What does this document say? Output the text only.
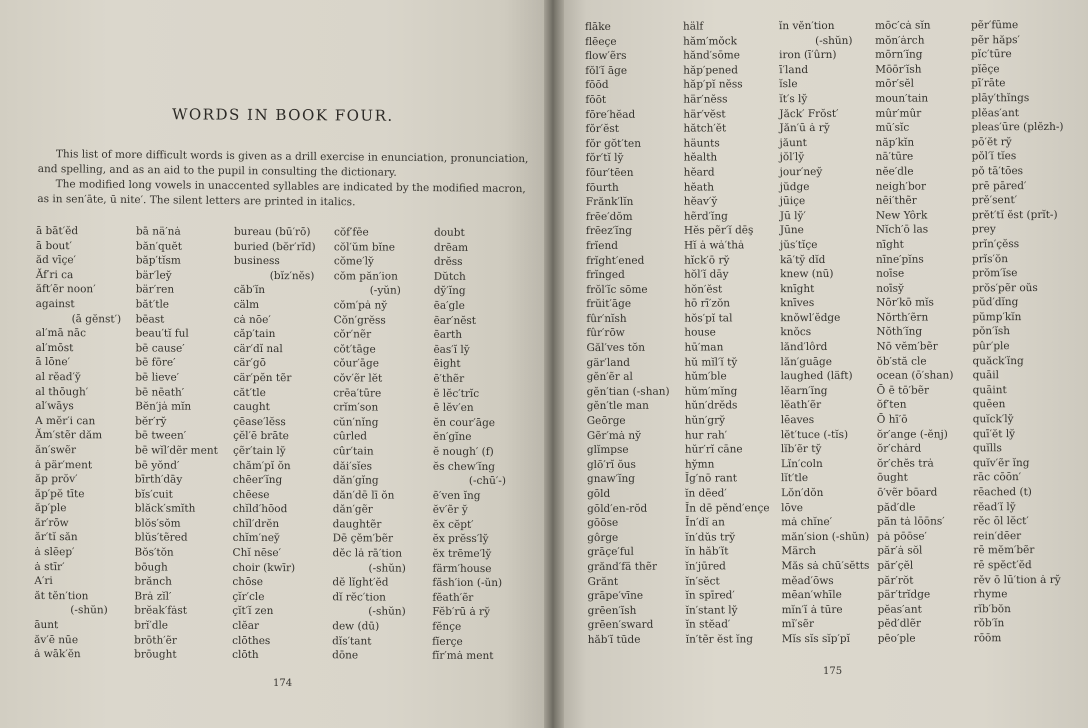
WORDS IN BOOK FOUR.

This list of more difficult words is given as a drill exercise in enunciation, pronunciation, and spelling, and as an aid to the pupil in consulting the dictionary.

The modified long vowels in unaccented syllables are indicated by the modified macron, as in sen′āte, ū nite′. The silent letters are printed in italics.

ā bāt′ĕd
ā bout′
ăd vīçe′
Ăf′ri ca
ăft′ẽr noon′
against
(ā gĕnst′)
al′mā nāc
al′mōst
ā lōne′
al rĕad′y̆
al thōugh′
al′wāys
A mĕr′i can
Ăm′stẽr dăm
ăn′swẽr
ȧ pär′ment
ăp prŏv′
ăp′pĕ tīte
ăp′ple
ăr′rōw
ăr′tĭ săn
ȧ slēep′
ȧ stīr′
A′ri
ăt tĕn′tion
(-shŭn)
āunt
ăv′ē nūe
ȧ wāk′ĕn
bā nä′nȧ
băn′quĕt
băp′tĭsm
bär′ley̆
bär′ren
băt′tle
bēast
beau′tĭ ful
bē cause′
bē fōre′
bē lieve′
bē nēath′
Bĕn′jȧ mĭn
bĕr′ry̆
bē tween′
bē wĭl′dẽr ment
bē yŏnd′
bīrth′dāy
bĭs′cuit
blăck′smĭth
blŏs′sŏm
blŭs′tẽred
Bŏs′tŏn
bōugh
brănch
Brȧ zĭl′
brĕak′fȧst
brĭ′dle
brōth′ẽr
brōught
bureau (bū′rō)
buried (bĕr′rĭd)
business
(bĭz′nĕs)
căb′ĭn
cälm
cȧ nōe′
căp′tain
cär′dĭ nal
cär′gō
cär′pĕn tẽr
căt′tle
caught
çēase′lĕss
çĕl′ē brāte
çẽr′tain ly̆
chăm′pĭ ŏn
chēer′ĭng
chēese
chĭld′hōod
chĭl′drĕn
chĭm′ney̆
Chĭ nēse′
choir (kwīr)
chōse
çĭr′cle
çĭt′ĭ zen
clĕar
clōthes
clōth
cŏf′fēe
cŏl′ŭm bĭne
cŏme′ly̆
cŏm păn′ion
(-yŭn)
cŏm′pȧ ny̆
Cŏn′grĕss
cŏr′nẽr
cŏt′tāge
cŏur′āge
cŏv′ẽr lĕt
crēa′tūre
crĭm′son
cŭn′nĭng
cûrled
cûr′tain
dăi′sĭes
dăn′gĭng
dăn′dē lī ŏn
dăn′gẽr
daughtẽr
Dē çĕm′bẽr
dĕc lȧ rā′tion
(-shŭn)
dĕ lĭght′ĕd
dĭ rĕc′tion
(-shŭn)
dew (dū)
dĭs′tant
dōne
doubt
drēam
drĕss
Dŭtch
dy̆′ĭng
ēa′gle
ēar′nĕst
ēarth
ēas′ĭ ly̆
ēight
ē′thẽr
ĕ lĕc′trĭc
ē lĕv′en
ĕn cour′āge
ĕn′gĭne
ĕ nough′ (f)
ĕs chew′ĭng
(-chū′-)
ē′ven ĭng
ĕv′ẽr y̆
ĕx cĕpt′
ĕx prĕss′ly̆
ĕx trēme′ly̆
färm′house
făsh′ion (-ŭn)
fĕath′ẽr
Fĕb′rū ȧ ry̆
fĕnçe
fĭerçe
fĭr′mȧ ment
174
175
flāke
flēeçe
flow′ẽrs
fŏl′ĭ āge
fōōd
fōōt
fōre′hĕad
fŏr′ĕst
fŏr gŏt′ten
fŏr′tĭ ly̆
fōur′tēen
fōurth
Frănk′lĭn
frēe′dŏm
frēez′ĭng
frĭend
frĭght′ened
frĭnged
frŏl′ĭc sōme
frŭit′āge
fûr′nĭsh
fûr′rōw
Găl′ves tŏn
gär′land
gĕn′ẽr al
gĕn′tian (-shan)
gĕn′tle man
Geōrge
Gẽr′mȧ ny̆
glĭmpse
glō′rĭ ŏus
gnaw′ĭng
gōld
gōld′en-rŏd
gōōse
gôrge
grāçe′ful
grănd′fä thẽr
Grănt
grāpe′vīne
grēen′ĭsh
grēen′sward
hăb′ĭ tūde
hälf
hăm′mŏck
hănd′sōme
hăp′pened
hăp′pĭ nĕss
här′nĕss
här′vĕst
hătch′ĕt
häunts
hĕalth
hĕard
hĕath
hĕav′y̆
hẽrd′ĭng
Hĕs pẽr′ĭ dēş
Hĭ ȧ wȧ′thȧ
hĭck′ō ry̆
hŏl′ĭ dāy
hŏn′ĕst
hō rī′zŏn
hŏs′pĭ tal
house
hū′man
hŭ mĭl′ĭ ty̆
hŭm′ble
hŭm′mĭng
hŭn′drĕds
hŭn′gry̆
hur rah′
hŭr′rĭ cāne
hy̆mn
Ĭg′nō rant
ĭn dēed′
Ĭn dē pĕnd′ençe
Ĭn′dĭ an
ĭn′dŭs try̆
ĭn hăb′ĭt
ĭn′jūred
ĭn′sĕct
ĭn spīred′
ĭn′stant ly̆
ĭn stĕad′
ĭn′tẽr ĕst ĭng
ĭn vĕn′tion
(-shŭn)
iron (ī′ûrn)
ī′land
ĭsle
ĭt′s ly̆
Jăck′ Frŏst′
Jăn′ū ȧ ry̆
jăunt
jŏl′ly̆
jour′ney̆
jŭdge
jūiçe
Jū ly̆′
Jūne
jŭs′tĭçe
kā′ty̆ dĭd
knew (nū)
knīght
knīves
knŏwl′ĕdge
knŏcs
lănd′lôrd
lăn′guāge
laughed (läft)
lĕarn′ĭng
lĕath′ẽr
lēaves
lĕt′tuce (-tĭs)
lĭb′ẽr ty̆
Lĭn′coln
lĭt′tle
Lŏn′dŏn
lōve
mȧ chĭne′
măn′sion (-shŭn)
Märch
Măs sȧ chū′sĕtts
mĕad′ōws
mēan′whīle
mĭn′ĭ ȧ tūre
mĭ′sẽr
Mĭs sĭs sĭp′pĭ
mōc′cȧ sĭn
mŏn′ȧrch
mōrn′ĭng
Mōōr′ĭsh
mōr′sĕl
moun′tain
mûr′mûr
mū′sĭc
năp′kĭn
nā′tūre
nĕe′dle
neigh′bor
nēi′thẽr
New Yôrk
Nĭch′ō las
nīght
nīne′pĭns
noīse
noīsy̆
Nōr′kō mĭs
Nŏrth′ẽrn
Nŏth′ĭng
Nō vĕm′bẽr
ŏb′stă cle
ocean (ō′shan)
Ō ē tō′bẽr
ŏf′ten
Ō hī′ō
ŏr′ange (-ĕnj)
ŏr′chȧrd
ŏr′chĕs trȧ
ōught
ō′vẽr bōard
păd′dle
păn tȧ lōōns′
pȧ pōōse′
păr′ȧ sŏl
păr′çĕl
păr′rŏt
pär′trĭdge
pĕas′ant
pĕd′dlẽr
pēo′ple
pẽr′fūme
pẽr hăps′
pĭc′tūre
pĭēçe
pī′rāte
plāy′thĭngs
plĕas′ant
pleas′ūre (plĕzh-)
pō′ĕt ry̆
pŏl′ĭ tĭes
pŏ tā′tōes
prē pāred′
prĕ′sent′
prĕt′tĭ ĕst (prĭt-)
prey
prĭn′çĕss
prĭs′ŏn
prŏm′ĭse
prŏs′pẽr oŭs
pŭd′dĭng
pŭmp′kĭn
pŏn′ĭsh
pûr′ple
quăck′ĭng
quāil
quāint
quēen
quĭck′ly̆
quī′ĕt ly̆
quĭlls
quĭv′ẽr ĭng
rāc cōōn′
rēached (t)
rĕad′ĭ ly̆
rĕc ōl lĕct′
rein′dēer
rē mĕm′bẽr
rē spĕct′ĕd
rĕv ō lū′tion ȧ ry̆
rhyme
rĭb′bŏn
rŏb′ĭn
rōōm
